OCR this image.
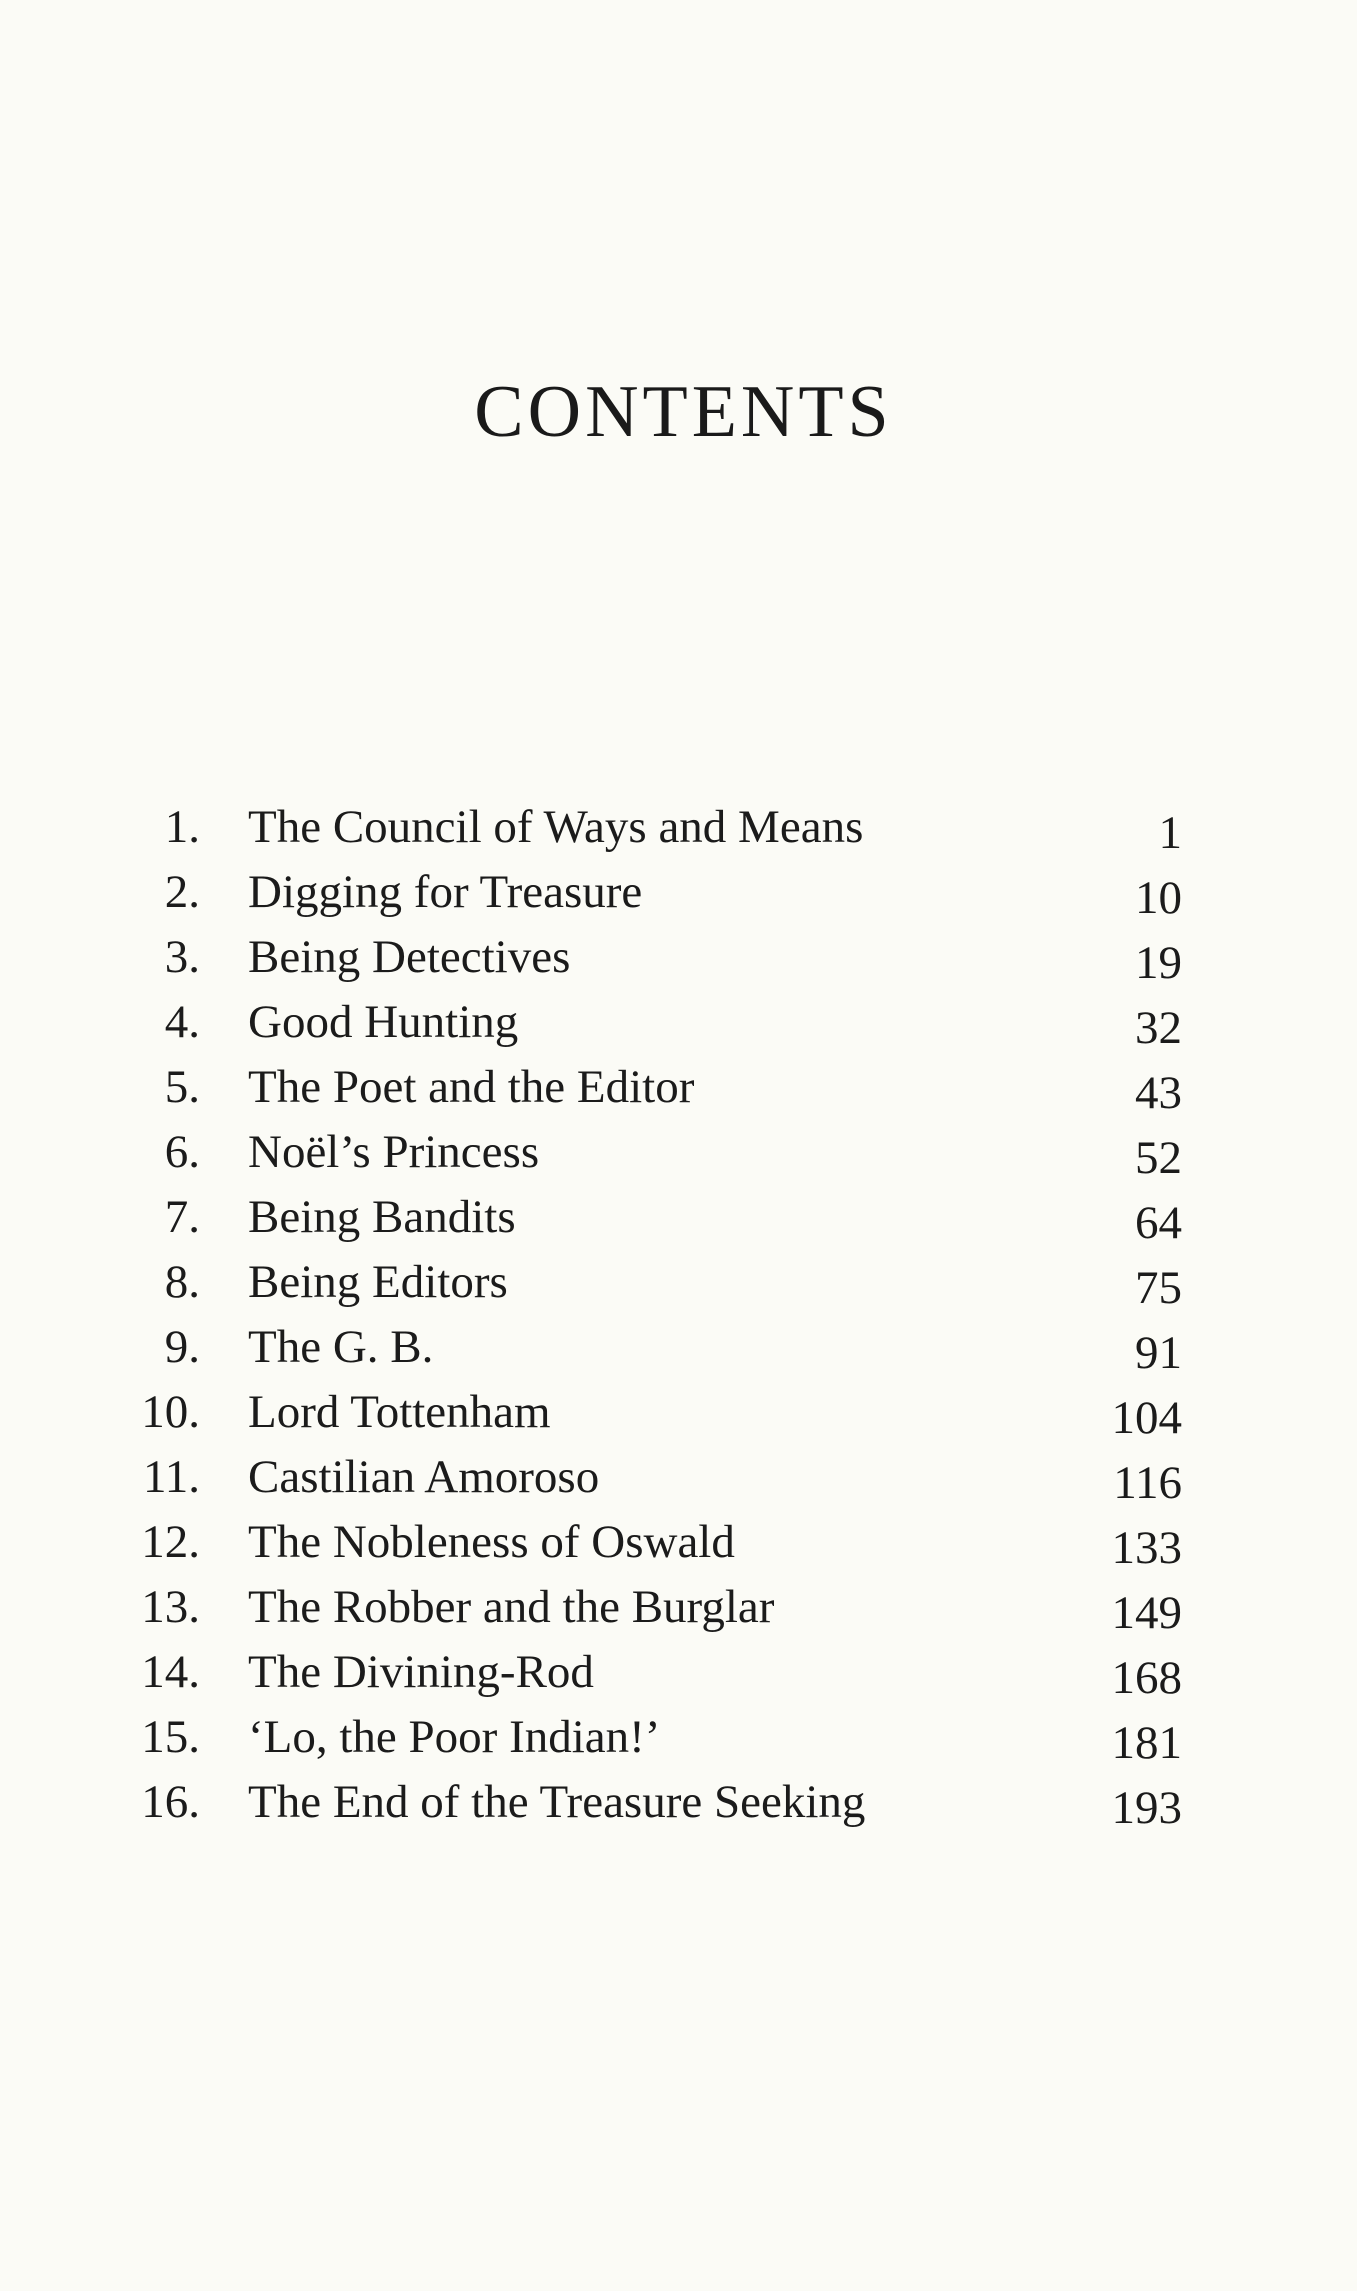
CONTENTS
1. The Council of Ways and Means	1
2. Digging for Treasure	10
3. Being Detectives	19
4. Good Hunting	32
5. The Poet and the Editor	43
6. Noël’s Princess	52
7. Being Bandits	64
8. Being Editors	75
9. The G. B.	91
10. Lord Tottenham	104
11. Castilian Amoroso	116
12. The Nobleness of Oswald	133
13. The Robber and the Burglar	149
14. The Divining-Rod	168
15. ‘Lo, the Poor Indian!’	181
16. The End of the Treasure Seeking	193
